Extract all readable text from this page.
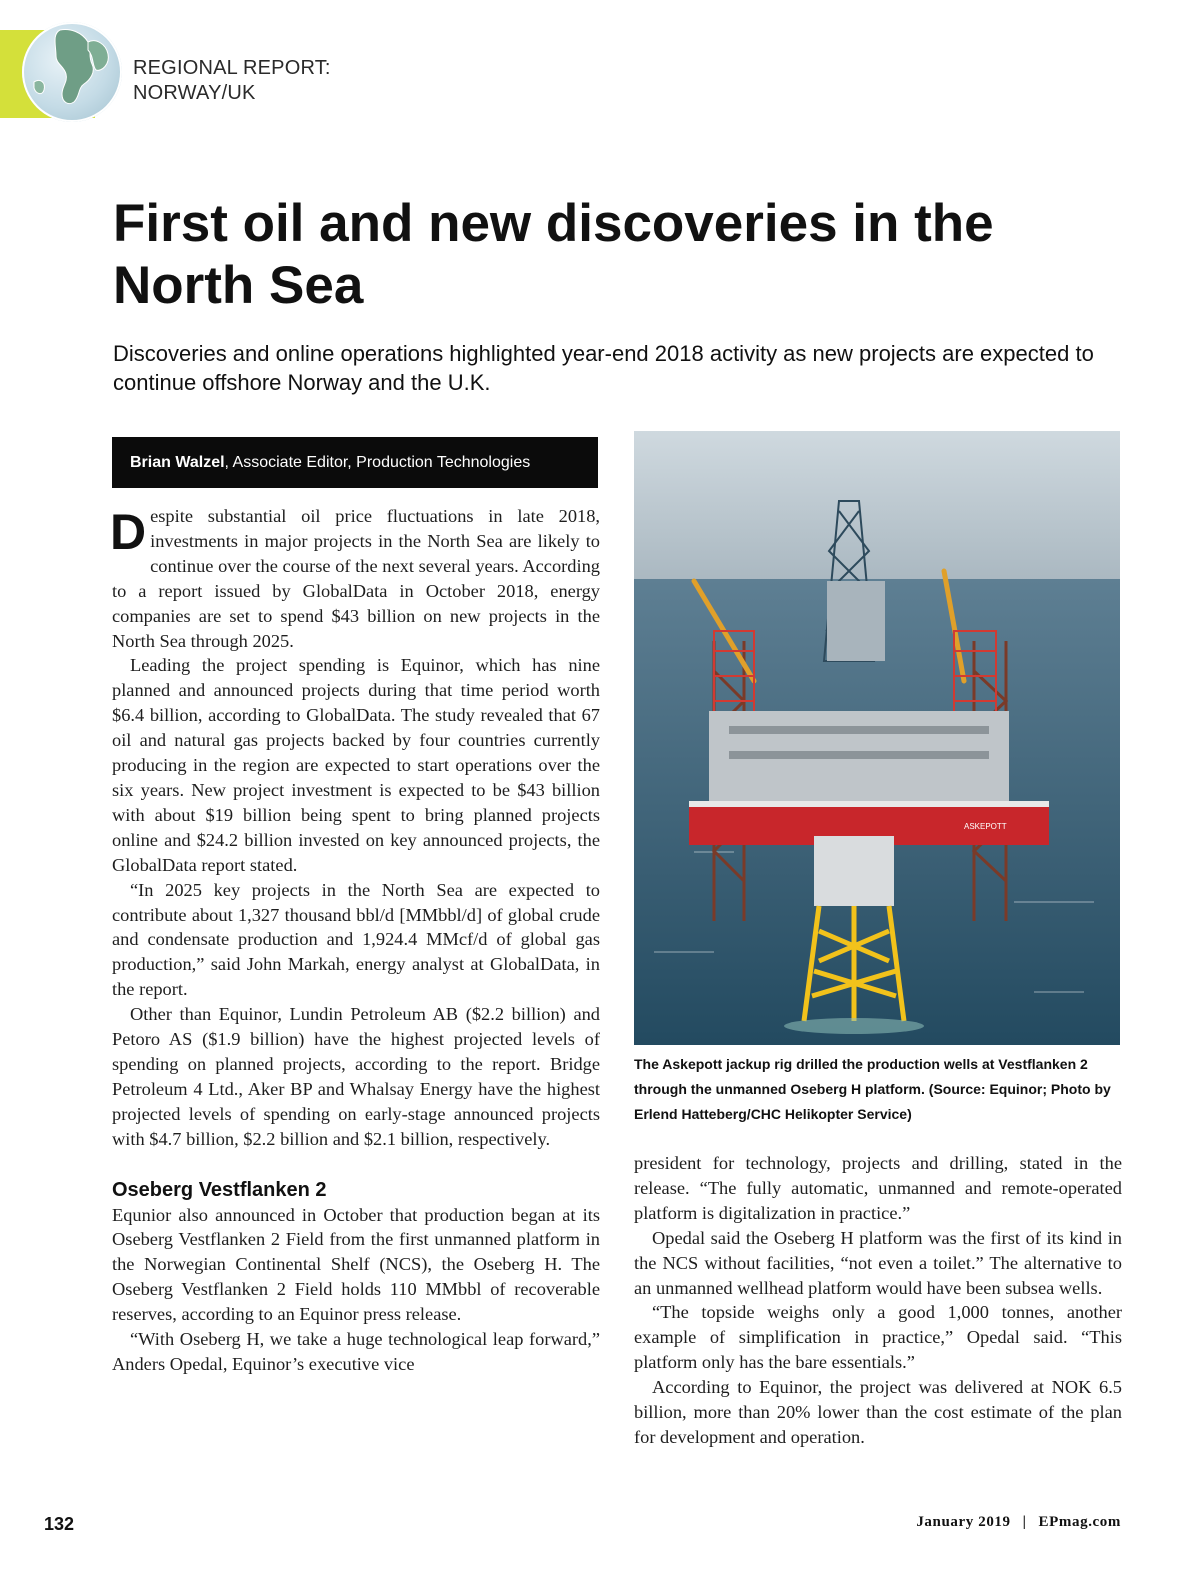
REGIONAL REPORT:
NORWAY/UK
First oil and new discoveries in the North Sea

Discoveries and online operations highlighted year-end 2018 activity as new projects are expected to continue offshore Norway and the U.K.

Brian Walzel, Associate Editor, Production Technologies

Despite substantial oil price fluctuations in late 2018, investments in major projects in the North Sea are likely to continue over the course of the next several years. According to a report issued by GlobalData in October 2018, energy companies are set to spend $43 billion on new projects in the North Sea through 2025.

Leading the project spending is Equinor, which has nine planned and announced projects during that time period worth $6.4 billion, according to GlobalData. The study revealed that 67 oil and natural gas projects backed by four countries currently producing in the region are expected to start operations over the six years. New project investment is expected to be $43 billion with about $19 billion being spent to bring planned projects online and $24.2 billion invested on key announced projects, the GlobalData report stated.

“In 2025 key projects in the North Sea are expected to contribute about 1,327 thousand bbl/d [MMbbl/d] of global crude and condensate production and 1,924.4 MMcf/d of global gas production,” said John Markah, energy analyst at GlobalData, in the report.

Other than Equinor, Lundin Petroleum AB ($2.2 billion) and Petoro AS ($1.9 billion) have the highest projected levels of spending on planned projects, according to the report. Bridge Petroleum 4 Ltd., Aker BP and Whalsay Energy have the highest projected levels of spending on early-stage announced projects with $4.7 billion, $2.2 billion and $2.1 billion, respectively.

Oseberg Vestflanken 2

Equnior also announced in October that production began at its Oseberg Vestflanken 2 Field from the first unmanned platform in the Norwegian Continental Shelf (NCS), the Oseberg H. The Oseberg Vestflanken 2 Field holds 110 MMbbl of recoverable reserves, according to an Equinor press release.

“With Oseberg H, we take a huge technological leap forward,” Anders Opedal, Equinor’s executive vice

ASKEPOTT

The Askepott jackup rig drilled the production wells at Vestflanken 2 through the unmanned Oseberg H platform. (Source: Equinor; Photo by Erlend Hatteberg/CHC Helikopter Service)

president for technology, projects and drilling, stated in the release. “The fully automatic, unmanned and remote-operated platform is digitalization in practice.”

Opedal said the Oseberg H platform was the first of its kind in the NCS without facilities, “not even a toilet.” The alternative to an unmanned wellhead platform would have been subsea wells.

“The topside weighs only a good 1,000 tonnes, another example of simplification in practice,” Opedal said. “This platform only has the bare essentials.”

According to Equinor, the project was delivered at NOK 6.5 billion, more than 20% lower than the cost estimate of the plan for development and operation.

132	January 2019 | EPmag.com
